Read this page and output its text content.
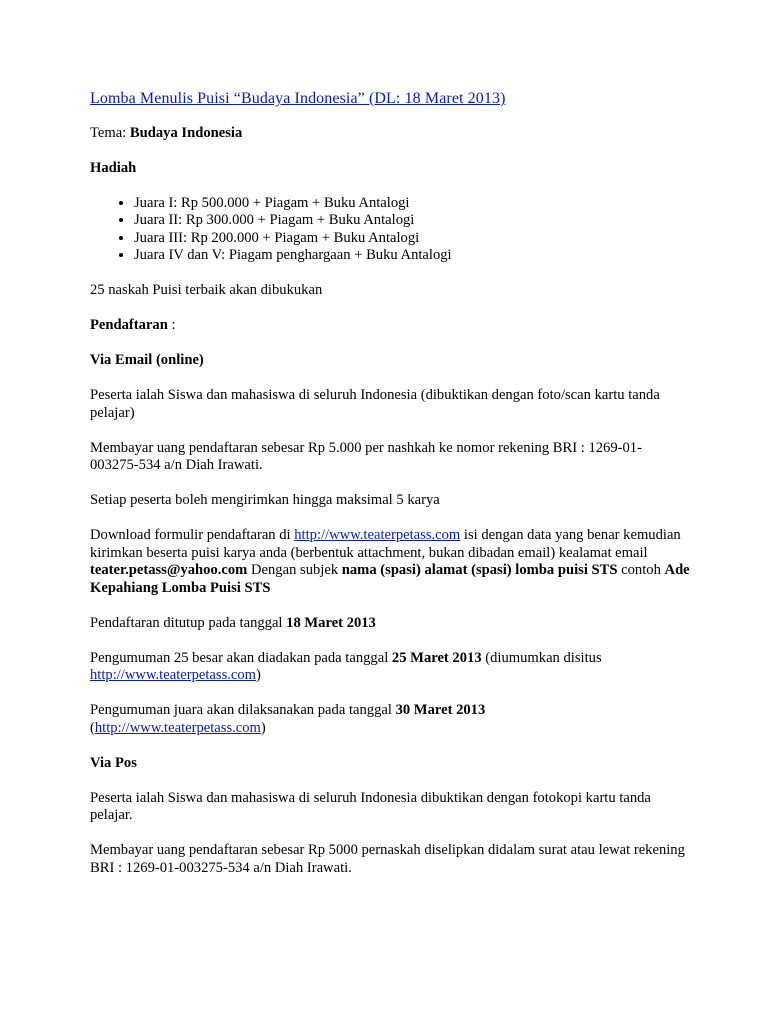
Lomba Menulis Puisi “Budaya Indonesia” (DL: 18 Maret 2013)

Tema: Budaya Indonesia

Hadiah

• Juara I: Rp 500.000 + Piagam + Buku Antalogi
• Juara II: Rp 300.000 + Piagam + Buku Antalogi
• Juara III: Rp 200.000 + Piagam + Buku Antalogi
• Juara IV dan V: Piagam penghargaan + Buku Antalogi

25 naskah Puisi terbaik akan dibukukan

Pendaftaran :

Via Email (online)

Peserta ialah Siswa dan mahasiswa di seluruh Indonesia (dibuktikan dengan foto/scan kartu tanda pelajar)

Membayar uang pendaftaran sebesar Rp 5.000 per nashkah ke nomor rekening BRI : 1269-01-003275-534 a/n Diah Irawati.

Setiap peserta boleh mengirimkan hingga maksimal 5 karya

Download formulir pendaftaran di http://www.teaterpetass.com isi dengan data yang benar kemudian kirimkan beserta puisi karya anda (berbentuk attachment, bukan dibadan email) kealamat email teater.petass@yahoo.com Dengan subjek nama (spasi) alamat (spasi) lomba puisi STS contoh Ade Kepahiang Lomba Puisi STS

Pendaftaran ditutup pada tanggal 18 Maret 2013

Pengumuman 25 besar akan diadakan pada tanggal 25 Maret 2013 (diumumkan disitus
http://www.teaterpetass.com)

Pengumuman juara akan dilaksanakan pada tanggal 30 Maret 2013
(http://www.teaterpetass.com)

Via Pos

Peserta ialah Siswa dan mahasiswa di seluruh Indonesia dibuktikan dengan fotokopi kartu tanda pelajar.

Membayar uang pendaftaran sebesar Rp 5000 pernaskah diselipkan didalam surat atau lewat rekening BRI : 1269-01-003275-534 a/n Diah Irawati.
